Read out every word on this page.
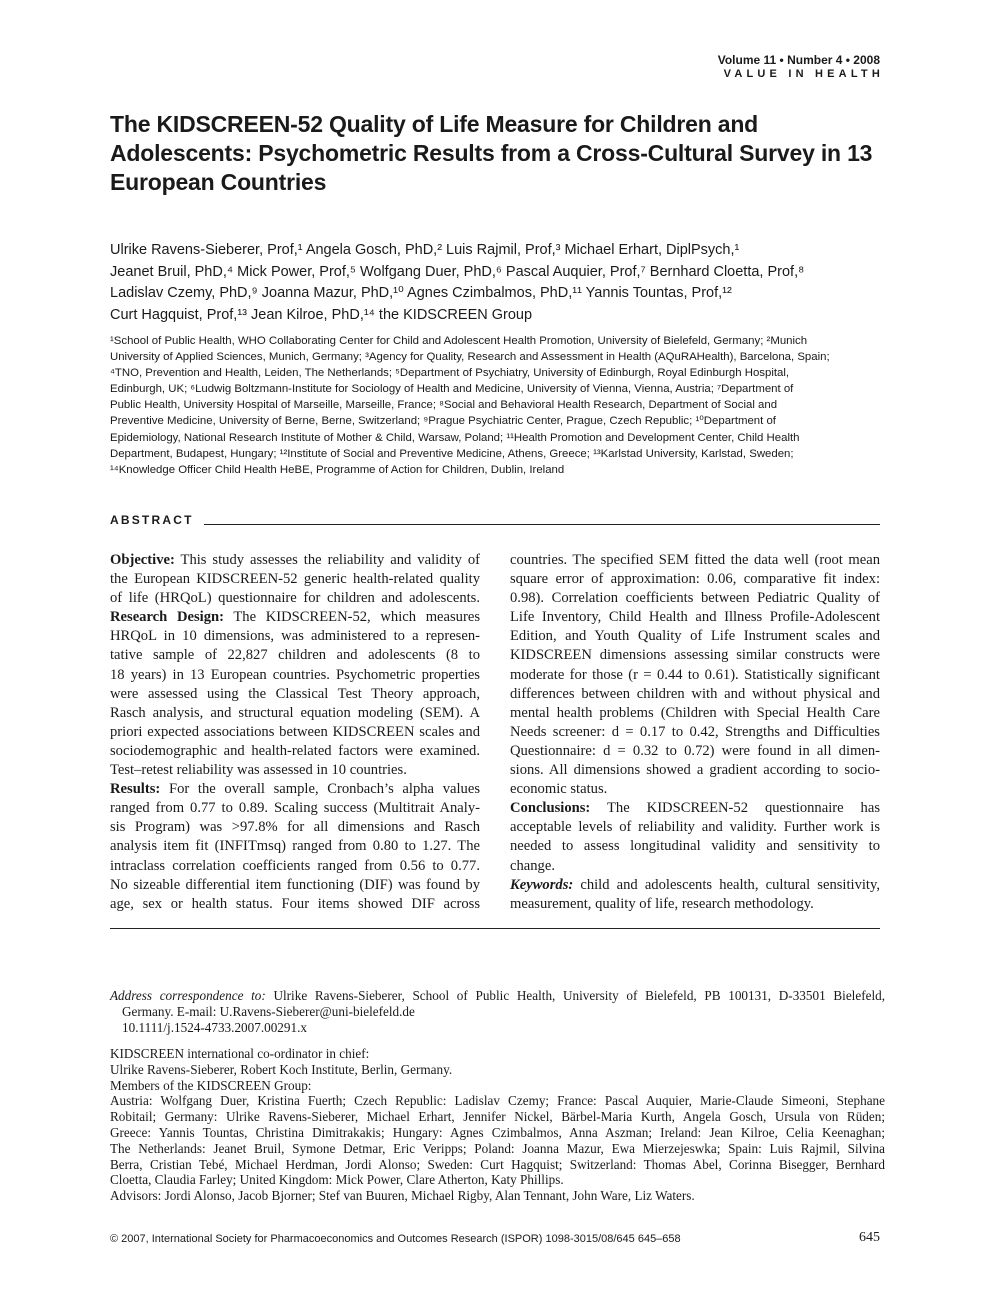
Volume 11 • Number 4 • 2008
VALUE IN HEALTH
The KIDSCREEN-52 Quality of Life Measure for Children and Adolescents: Psychometric Results from a Cross-Cultural Survey in 13 European Countries
Ulrike Ravens-Sieberer, Prof,¹ Angela Gosch, PhD,² Luis Rajmil, Prof,³ Michael Erhart, DiplPsych,¹
Jeanet Bruil, PhD,⁴ Mick Power, Prof,⁵ Wolfgang Duer, PhD,⁶ Pascal Auquier, Prof,⁷ Bernhard Cloetta, Prof,⁸
Ladislav Czemy, PhD,⁹ Joanna Mazur, PhD,¹⁰ Agnes Czimbalmos, PhD,¹¹ Yannis Tountas, Prof,¹²
Curt Hagquist, Prof,¹³ Jean Kilroe, PhD,¹⁴ the KIDSCREEN Group
¹School of Public Health, WHO Collaborating Center for Child and Adolescent Health Promotion, University of Bielefeld, Germany; ²Munich
University of Applied Sciences, Munich, Germany; ³Agency for Quality, Research and Assessment in Health (AQuRAHealth), Barcelona, Spain;
⁴TNO, Prevention and Health, Leiden, The Netherlands; ⁵Department of Psychiatry, University of Edinburgh, Royal Edinburgh Hospital,
Edinburgh, UK; ⁶Ludwig Boltzmann-Institute for Sociology of Health and Medicine, University of Vienna, Vienna, Austria; ⁷Department of
Public Health, University Hospital of Marseille, Marseille, France; ⁸Social and Behavioral Health Research, Department of Social and
Preventive Medicine, University of Berne, Berne, Switzerland; ⁹Prague Psychiatric Center, Prague, Czech Republic; ¹⁰Department of
Epidemiology, National Research Institute of Mother & Child, Warsaw, Poland; ¹¹Health Promotion and Development Center, Child Health
Department, Budapest, Hungary; ¹²Institute of Social and Preventive Medicine, Athens, Greece; ¹³Karlstad University, Karlstad, Sweden;
¹⁴Knowledge Officer Child Health HeBE, Programme of Action for Children, Dublin, Ireland
ABSTRACT
Objective: This study assesses the reliability and validity of
the European KIDSCREEN-52 generic health-related quality
of life (HRQoL) questionnaire for children and adolescents.
Research Design: The KIDSCREEN-52, which measures
HRQoL in 10 dimensions, was administered to a represen-
tative sample of 22,827 children and adolescents (8 to
18 years) in 13 European countries. Psychometric properties
were assessed using the Classical Test Theory approach,
Rasch analysis, and structural equation modeling (SEM). A
priori expected associations between KIDSCREEN scales and
sociodemographic and health-related factors were examined.
Test–retest reliability was assessed in 10 countries.
Results: For the overall sample, Cronbach’s alpha values
ranged from 0.77 to 0.89. Scaling success (Multitrait Analy-
sis Program) was >97.8% for all dimensions and Rasch
analysis item fit (INFITmsq) ranged from 0.80 to 1.27. The
intraclass correlation coefficients ranged from 0.56 to 0.77.
No sizeable differential item functioning (DIF) was found by
age, sex or health status. Four items showed DIF across
countries. The specified SEM fitted the data well (root mean
square error of approximation: 0.06, comparative fit index:
0.98). Correlation coefficients between Pediatric Quality of
Life Inventory, Child Health and Illness Profile-Adolescent
Edition, and Youth Quality of Life Instrument scales and
KIDSCREEN dimensions assessing similar constructs were
moderate for those (r = 0.44 to 0.61). Statistically significant
differences between children with and without physical and
mental health problems (Children with Special Health Care
Needs screener: d = 0.17 to 0.42, Strengths and Difficulties
Questionnaire: d = 0.32 to 0.72) were found in all dimen-
sions. All dimensions showed a gradient according to socio-
economic status.
Conclusions: The KIDSCREEN-52 questionnaire has
acceptable levels of reliability and validity. Further work is
needed to assess longitudinal validity and sensitivity to
change.
Keywords: child and adolescents health, cultural sensitivity,
measurement, quality of life, research methodology.
Address correspondence to: Ulrike Ravens-Sieberer, School of Public Health, University of Bielefeld, PB 100131, D-33501 Bielefeld,
Germany. E-mail: U.Ravens-Sieberer@uni-bielefeld.de
10.1111/j.1524-4733.2007.00291.x
KIDSCREEN international co-ordinator in chief:
Ulrike Ravens-Sieberer, Robert Koch Institute, Berlin, Germany.
Members of the KIDSCREEN Group:
Austria: Wolfgang Duer, Kristina Fuerth; Czech Republic: Ladislav Czemy; France: Pascal Auquier, Marie-Claude Simeoni, Stephane
Robitail; Germany: Ulrike Ravens-Sieberer, Michael Erhart, Jennifer Nickel, Bärbel-Maria Kurth, Angela Gosch, Ursula von Rüden;
Greece: Yannis Tountas, Christina Dimitrakakis; Hungary: Agnes Czimbalmos, Anna Aszman; Ireland: Jean Kilroe, Celia Keenaghan;
The Netherlands: Jeanet Bruil, Symone Detmar, Eric Veripps; Poland: Joanna Mazur, Ewa Mierzejeswka; Spain: Luis Rajmil, Silvina
Berra, Cristian Tebé, Michael Herdman, Jordi Alonso; Sweden: Curt Hagquist; Switzerland: Thomas Abel, Corinna Bisegger, Bernhard
Cloetta, Claudia Farley; United Kingdom: Mick Power, Clare Atherton, Katy Phillips.
Advisors: Jordi Alonso, Jacob Bjorner; Stef van Buuren, Michael Rigby, Alan Tennant, John Ware, Liz Waters.
© 2007, International Society for Pharmacoeconomics and Outcomes Research (ISPOR) 1098-3015/08/645 645–658	645
